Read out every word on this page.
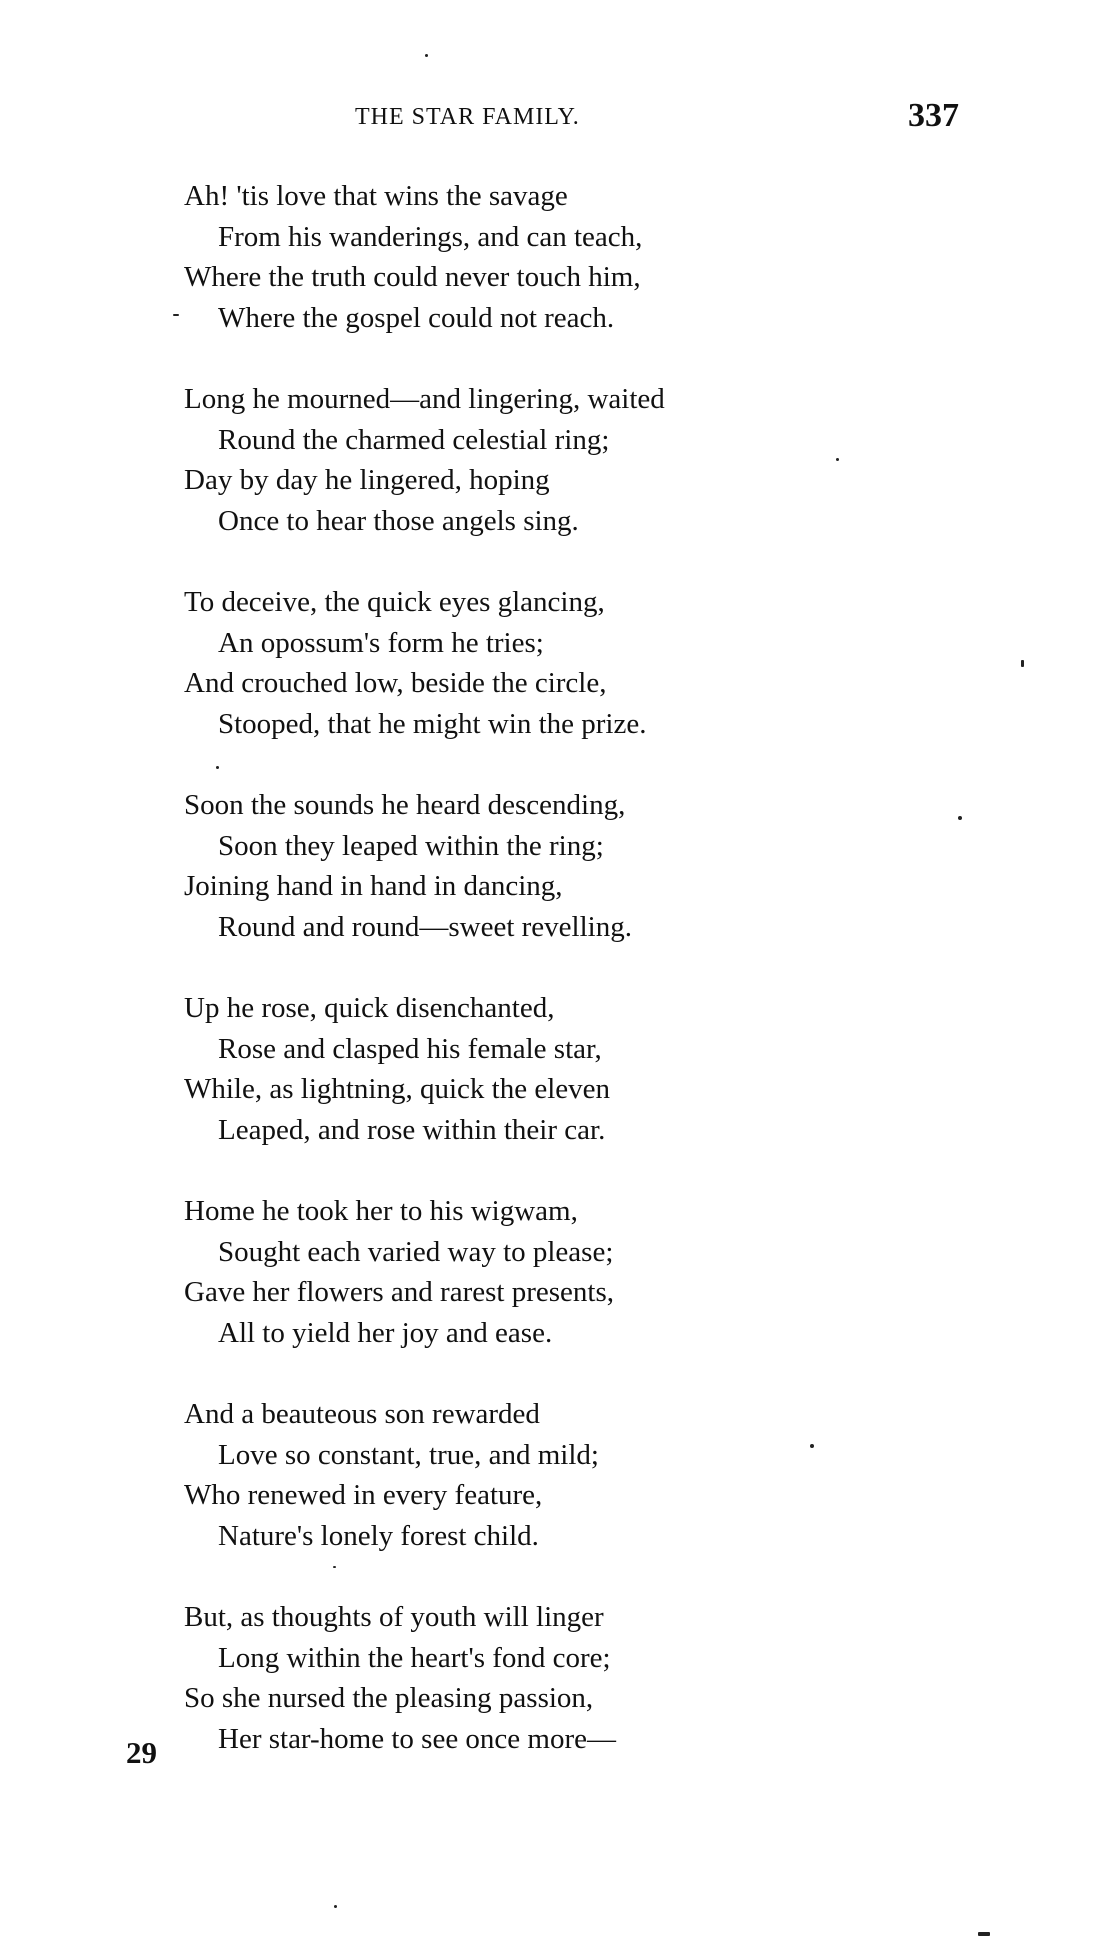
THE STAR FAMILY.	337
Ah! 'tis love that wins the savage
From his wanderings, and can teach,
Where the truth could never touch him,
Where the gospel could not reach.
Long he mourned—and lingering, waited
Round the charmed celestial ring;
Day by day he lingered, hoping
Once to hear those angels sing.
To deceive, the quick eyes glancing,
An opossum's form he tries;
And crouched low, beside the circle,
Stooped, that he might win the prize.
Soon the sounds he heard descending,
Soon they leaped within the ring;
Joining hand in hand in dancing,
Round and round—sweet revelling.
Up he rose, quick disenchanted,
Rose and clasped his female star,
While, as lightning, quick the eleven
Leaped, and rose within their car.
Home he took her to his wigwam,
Sought each varied way to please;
Gave her flowers and rarest presents,
All to yield her joy and ease.
And a beauteous son rewarded
Love so constant, true, and mild;
Who renewed in every feature,
Nature's lonely forest child.
But, as thoughts of youth will linger
Long within the heart's fond core;
So she nursed the pleasing passion,
Her star-home to see once more—
29
